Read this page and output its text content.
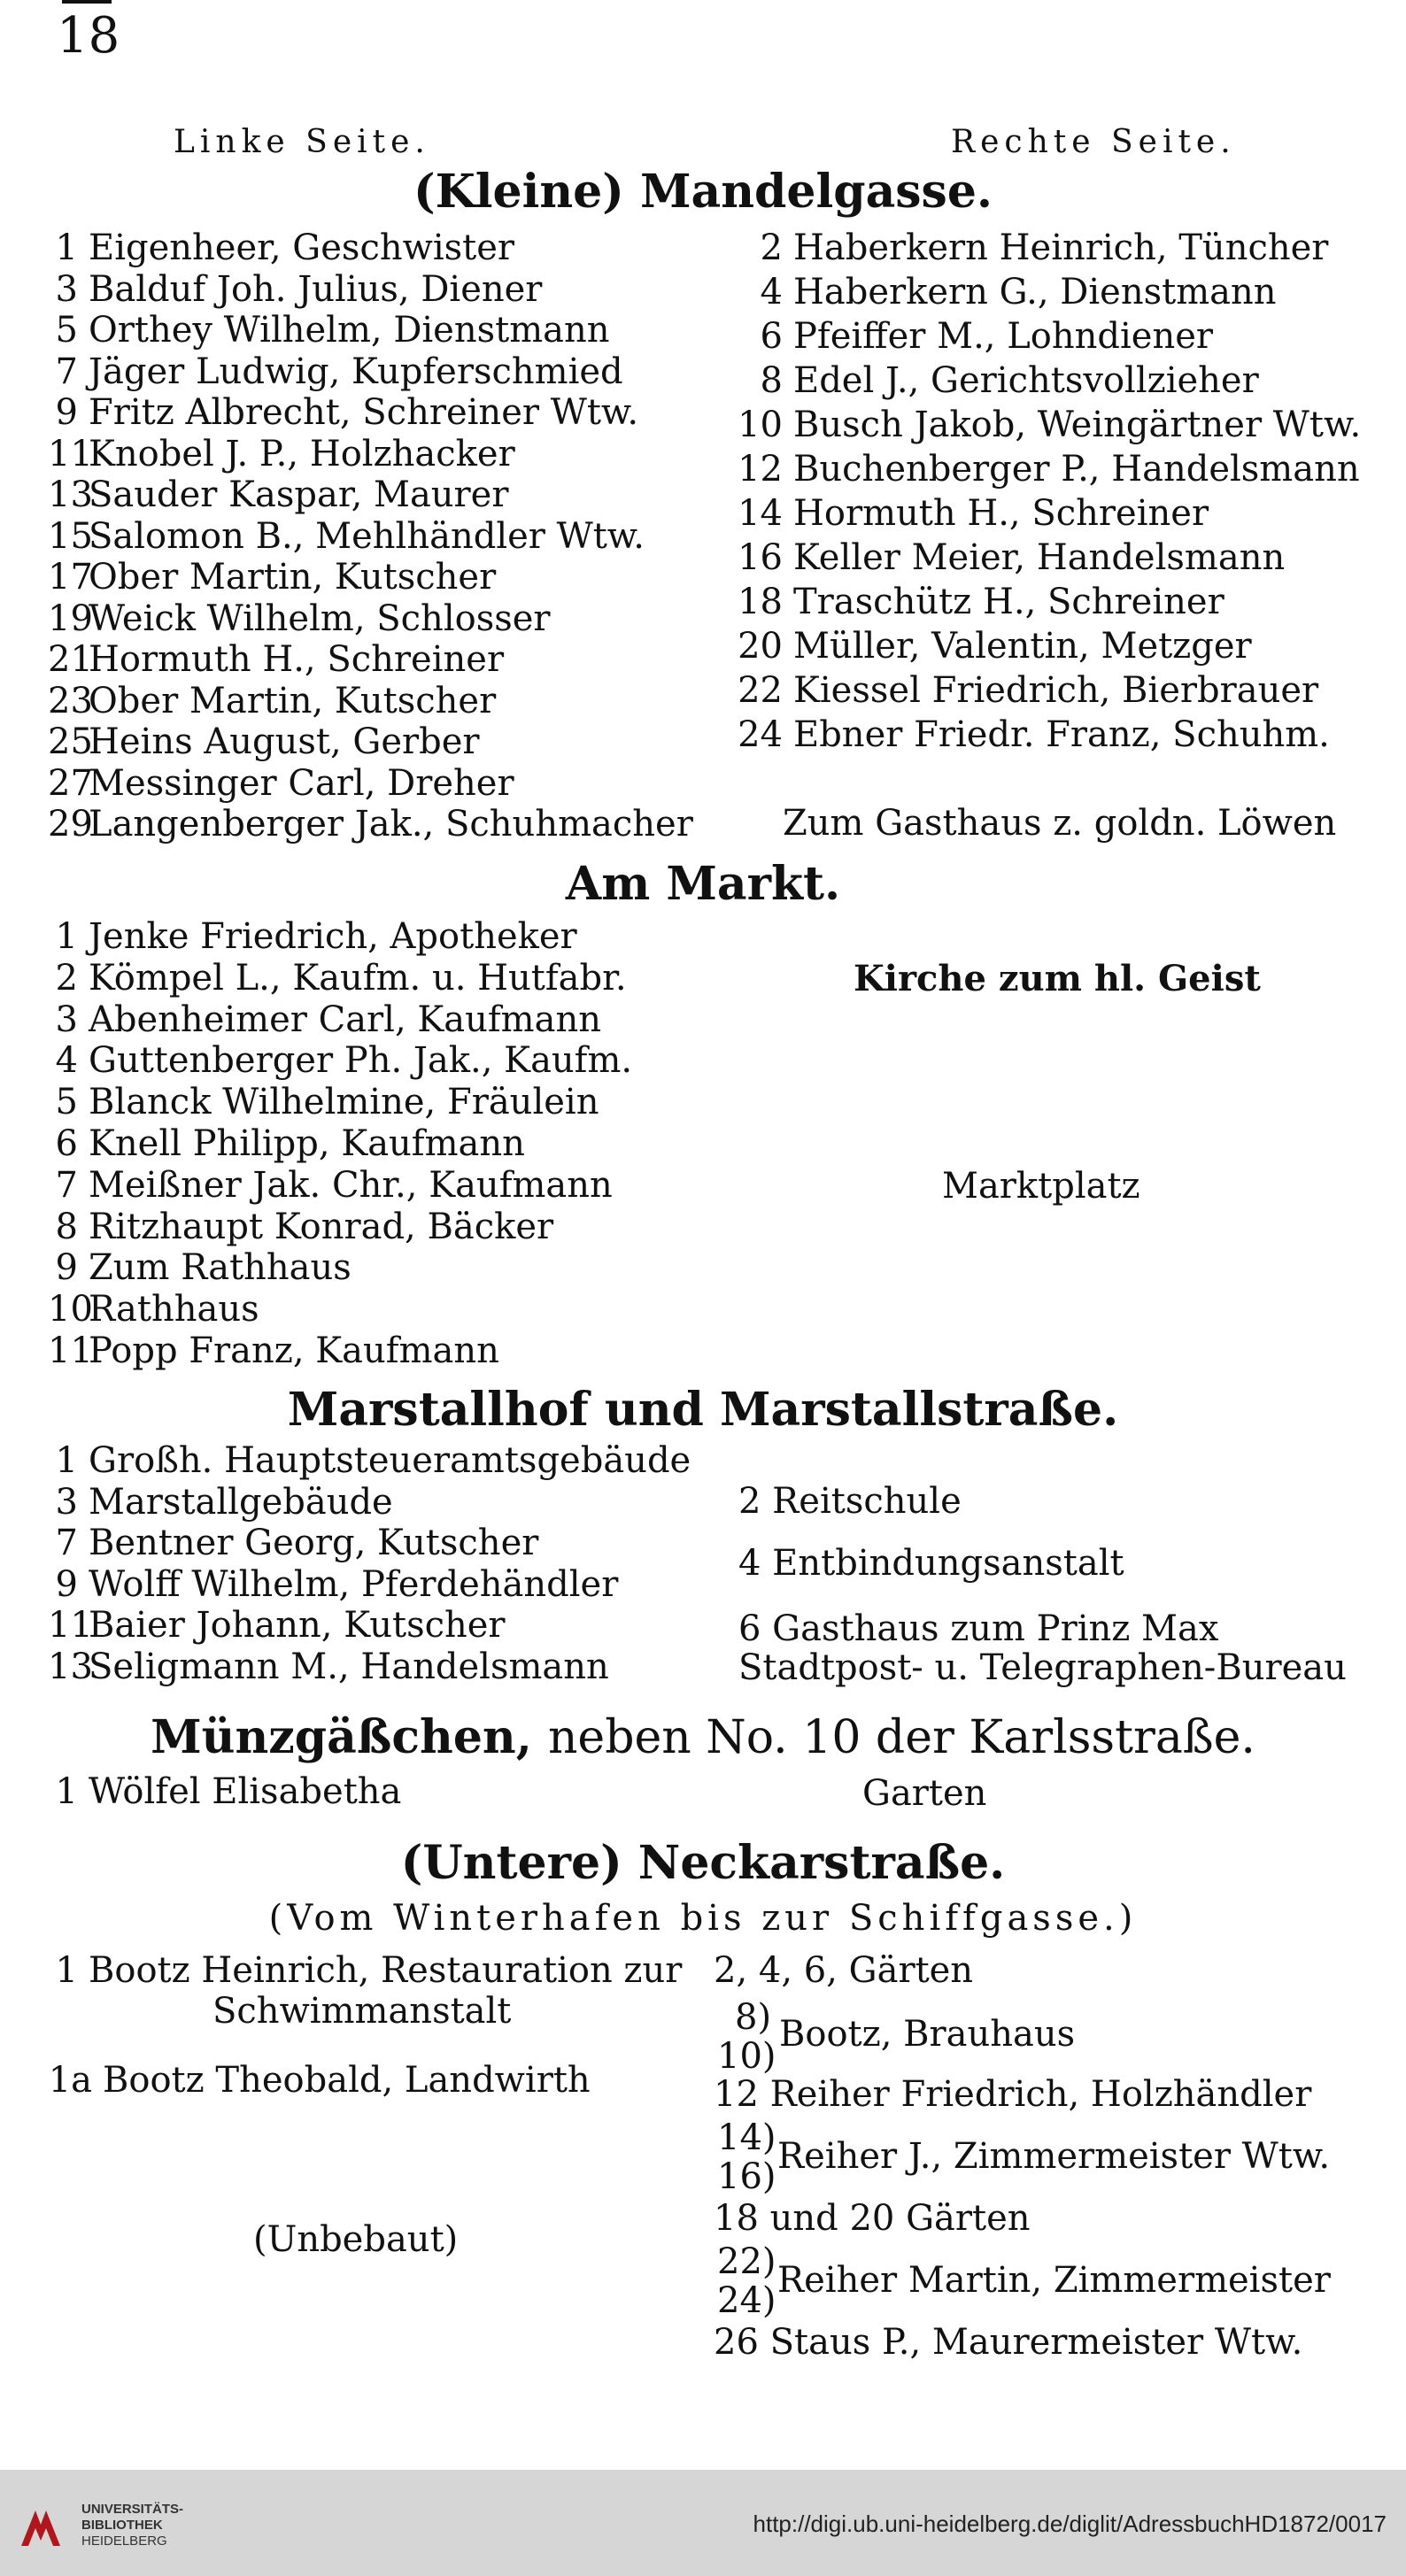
18
Linke Seite.	Rechte Seite.
(Kleine) Mandelgasse.
1 Eigenheer, Geschwister
3 Balduf Joh. Julius, Diener
5 Orthey Wilhelm, Dienstmann
7 Jäger Ludwig, Kupferschmied
9 Fritz Albrecht, Schreiner Wtw.
11Knobel J. P., Holzhacker
13Sauder Kaspar, Maurer
15Salomon B., Mehlhändler Wtw.
17Ober Martin, Kutscher
19Weick Wilhelm, Schlosser
21Hormuth H., Schreiner
23Ober Martin, Kutscher
25Heins August, Gerber
27Messinger Carl, Dreher
29Langenberger Jak., Schuhmacher
2 Haberkern Heinrich, Tüncher
4 Haberkern G., Dienstmann
6 Pfeiffer M., Lohndiener
8 Edel J., Gerichtsvollzieher
10 Busch Jakob, Weingärtner Wtw.
12 Buchenberger P., Handelsmann
14 Hormuth H., Schreiner
16 Keller Meier, Handelsmann
18 Traschütz H., Schreiner
20 Müller, Valentin, Metzger
22 Kiessel Friedrich, Bierbrauer
24 Ebner Friedr. Franz, Schuhm.
Zum Gasthaus z. goldn. Löwen
Am Markt.
1 Jenke Friedrich, Apotheker
2 Kömpel L., Kaufm. u. Hutfabr.
3 Abenheimer Carl, Kaufmann
4 Guttenberger Ph. Jak., Kaufm.
5 Blanck Wilhelmine, Fräulein
6 Knell Philipp, Kaufmann
7 Meißner Jak. Chr., Kaufmann
8 Ritzhaupt Konrad, Bäcker
9 Zum Rathhaus
10Rathhaus
11Popp Franz, Kaufmann
Kirche zum hl. Geist
Marktplatz
Marstallhof und Marstallstraße.
1 Großh. Hauptsteueramtsgebäude
3 Marstallgebäude
7 Bentner Georg, Kutscher
9 Wolff Wilhelm, Pferdehändler
11Baier Johann, Kutscher
13Seligmann M., Handelsmann
2 Reitschule
4 Entbindungsanstalt
6 Gasthaus zum Prinz Max
Stadtpost- u. Telegraphen-Bureau
Münzgäßchen, neben No. 10 der Karlsstraße.
1 Wölfel Elisabetha	Garten
(Untere) Neckarstraße.
(Vom Winterhafen bis zur Schiffgasse.)
1 Bootz Heinrich, Restauration zur
Schwimmanstalt
1a Bootz Theobald, Landwirth
(Unbebaut)
2, 4, 6, Gärten
8)
10)
Bootz, Brauhaus
12 Reiher Friedrich, Holzhändler
14)
16) Reiher J., Zimmermeister Wtw.
18 und 20 Gärten
22)
24) Reiher Martin, Zimmermeister
26 Staus P., Maurermeister Wtw.
UNIVERSITÄTS-
BIBLIOTHEK
HEIDELBERG
http://digi.ub.uni-heidelberg.de/diglit/AdressbuchHD1872/0017
